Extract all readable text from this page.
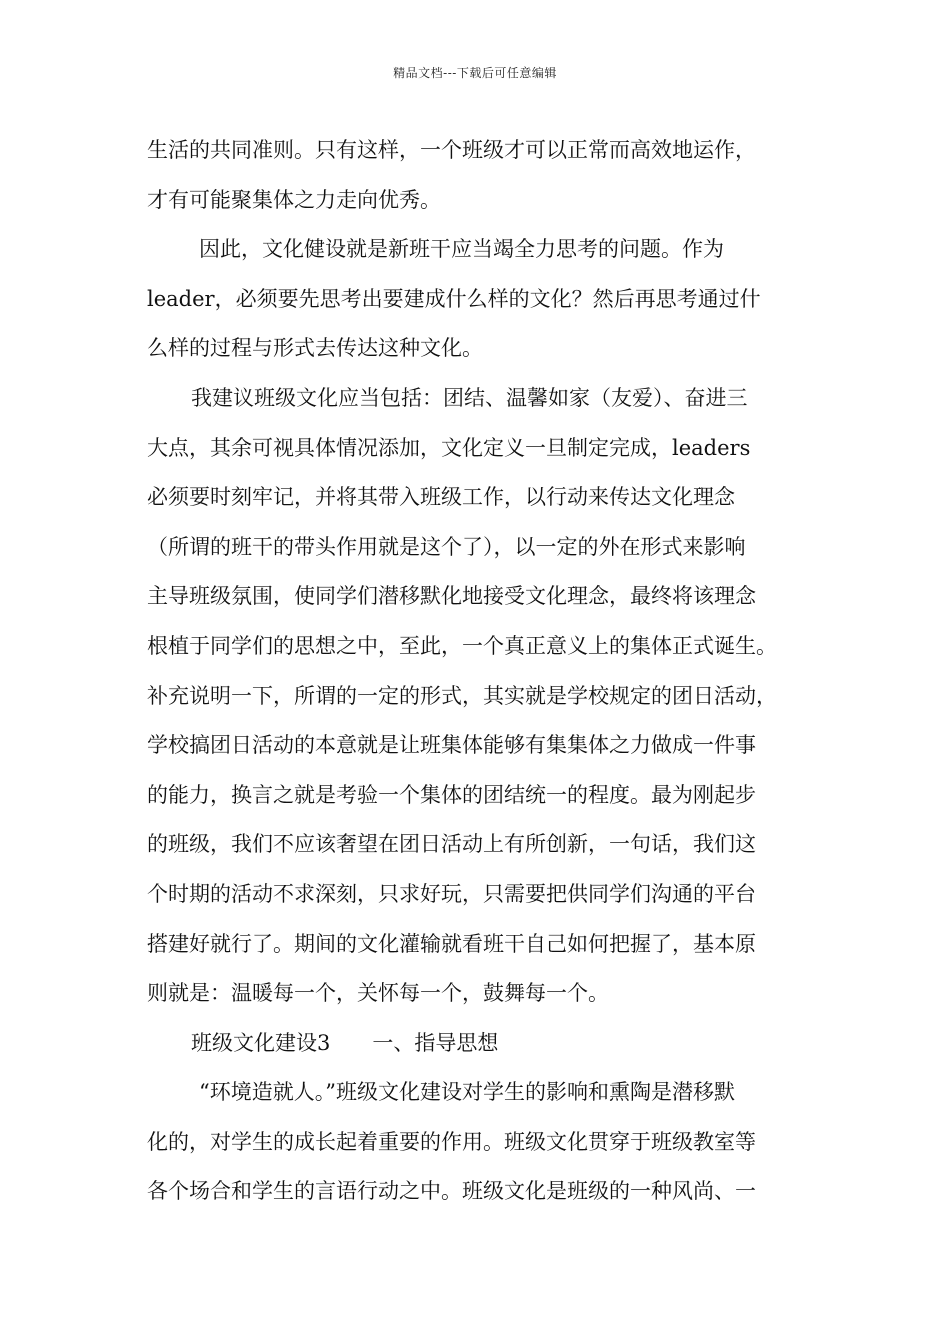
精品文档---下载后可任意编辑
生活的共同准则。只有这样，一个班级才可以正常而高效地运作，
才有可能聚集体之力走向优秀。
因此，文化健设就是新班干应当竭全力思考的问题。作为
leader，必须要先思考出要建成什么样的文化？然后再思考通过什
么样的过程与形式去传达这种文化。
我建议班级文化应当包括：团结、温馨如家（友爱）、奋进三
大点，其余可视具体情况添加，文化定义一旦制定完成，leaders
必须要时刻牢记，并将其带入班级工作，以行动来传达文化理念
（所谓的班干的带头作用就是这个了），以一定的外在形式来影响
主导班级氛围，使同学们潜移默化地接受文化理念，最终将该理念
根植于同学们的思想之中，至此，一个真正意义上的集体正式诞生。
补充说明一下，所谓的一定的形式，其实就是学校规定的团日活动，
学校搞团日活动的本意就是让班集体能够有集集体之力做成一件事
的能力，换言之就是考验一个集体的团结统一的程度。最为刚起步
的班级，我们不应该奢望在团日活动上有所创新，一句话，我们这
个时期的活动不求深刻，只求好玩，只需要把供同学们沟通的平台
搭建好就行了。期间的文化灌输就看班干自己如何把握了，基本原
则就是：温暖每一个，关怀每一个，鼓舞每一个。
班级文化建设3 一、指导思想
“环境造就人。”班级文化建设对学生的影响和熏陶是潜移默
化的，对学生的成长起着重要的作用。班级文化贯穿于班级教室等
各个场合和学生的言语行动之中。班级文化是班级的一种风尚、一
